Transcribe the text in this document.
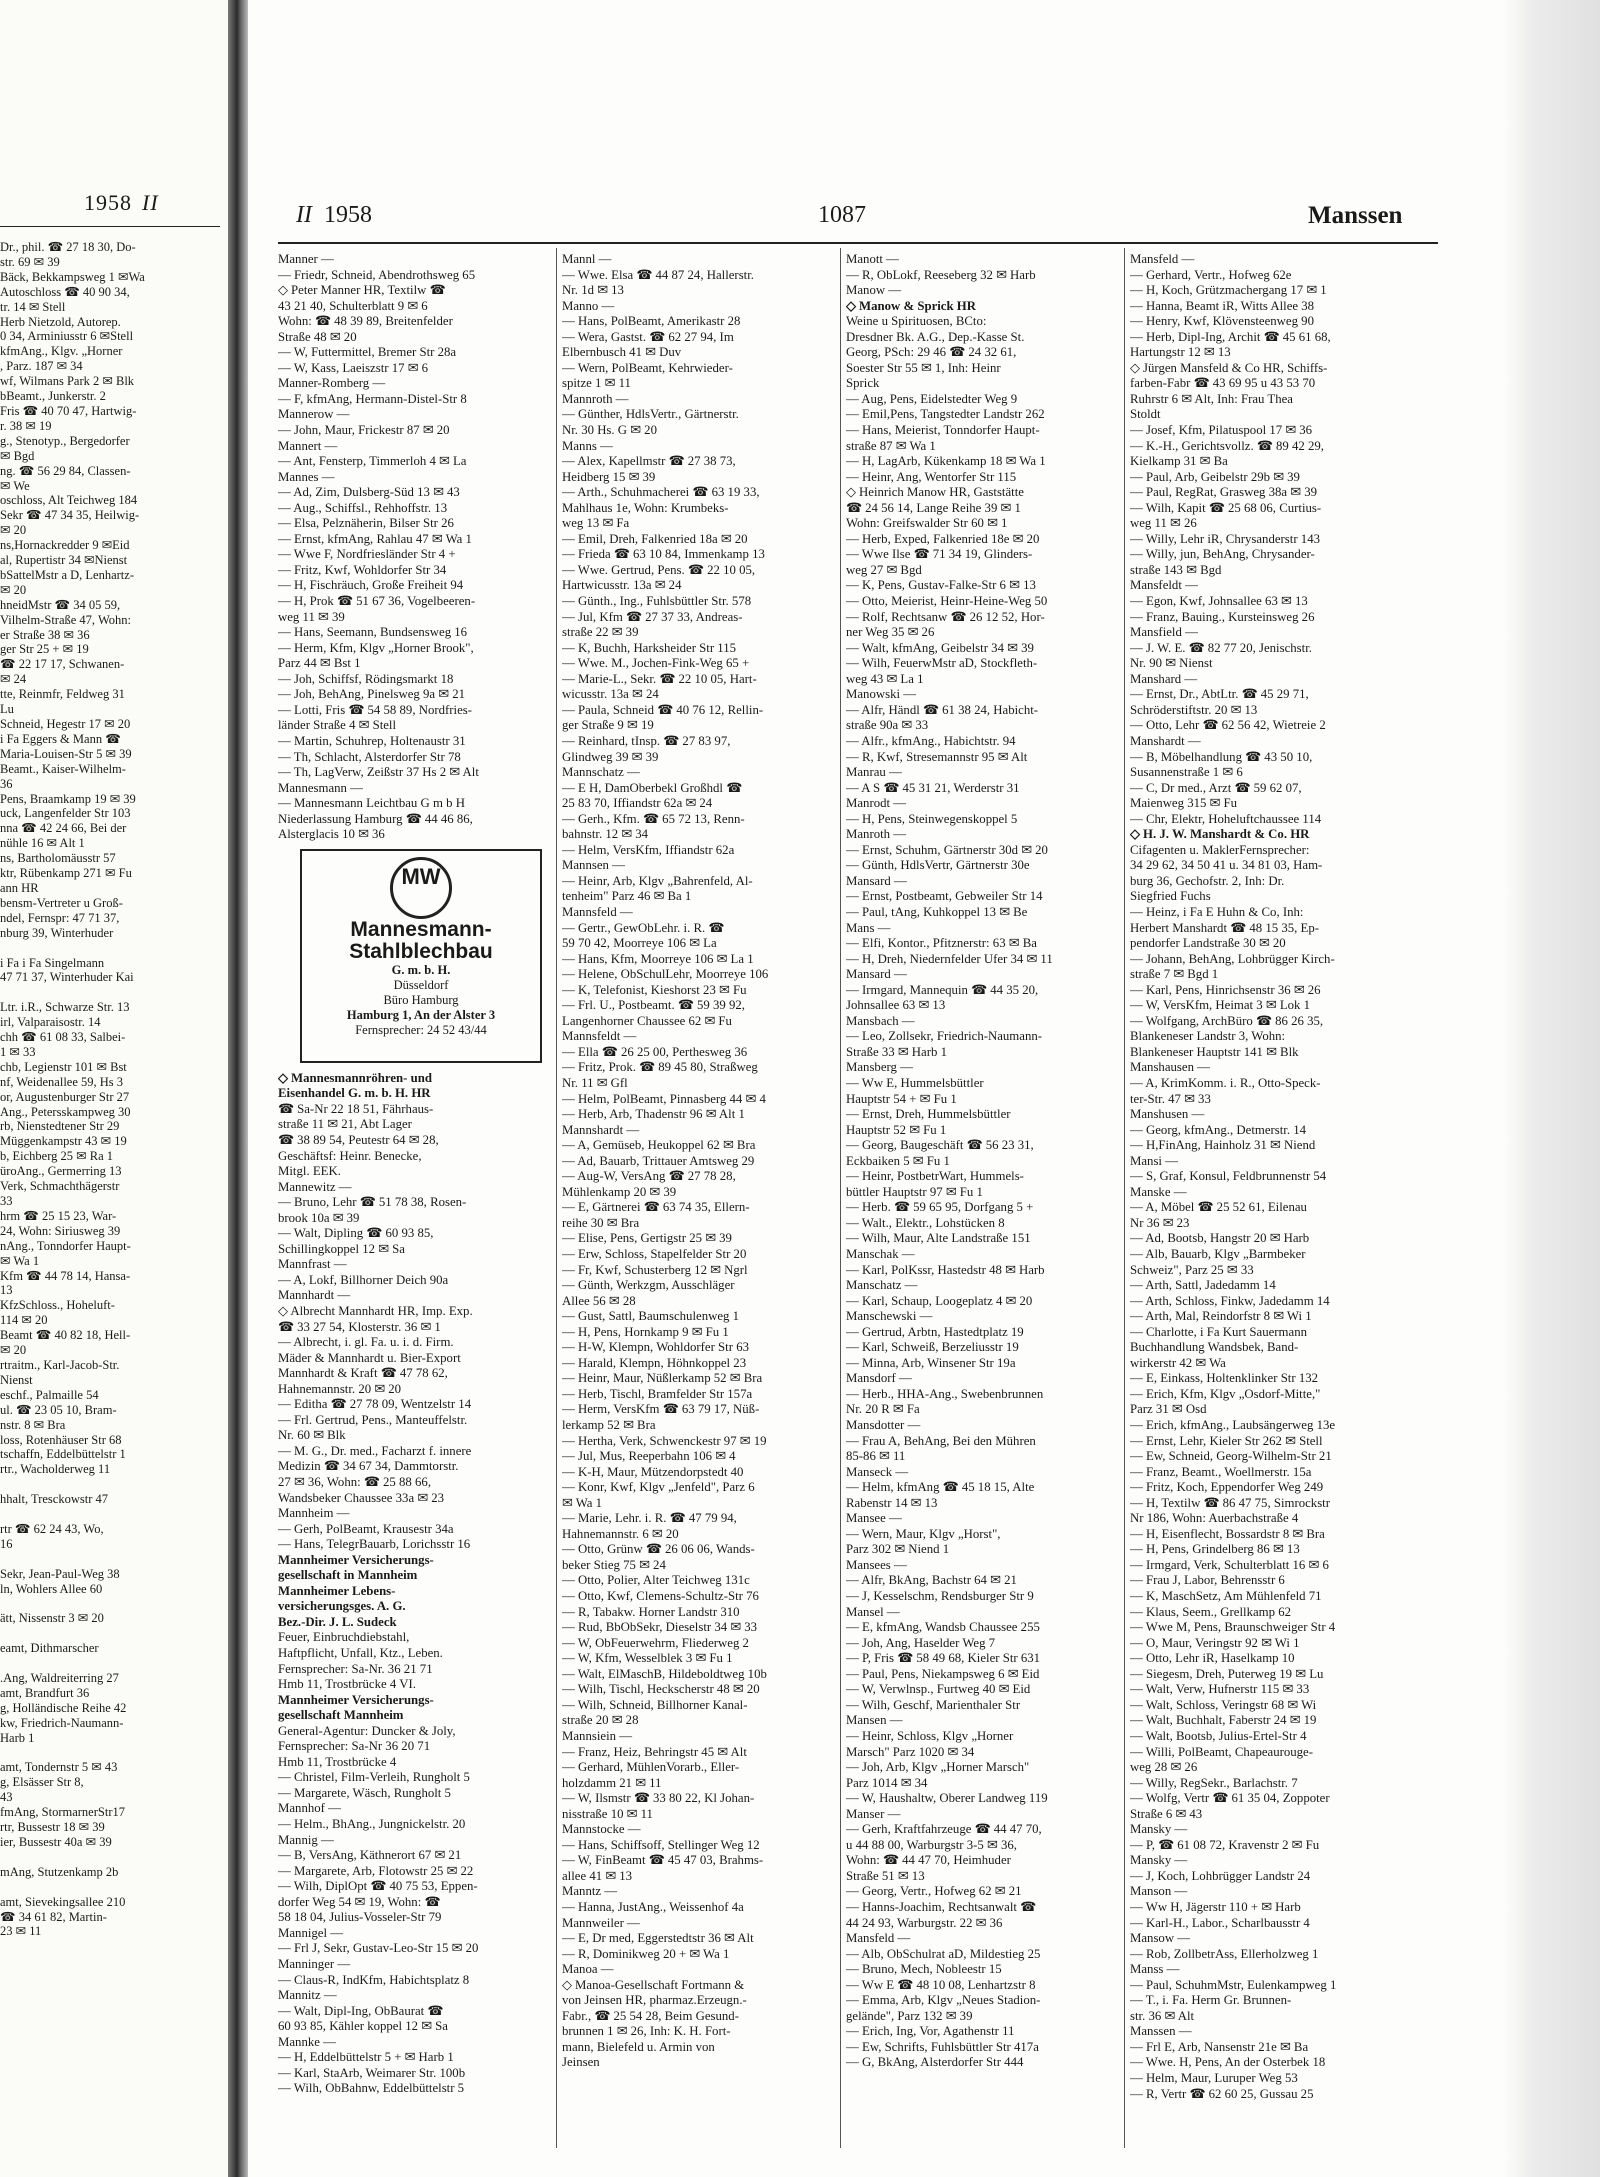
1958 II
Dr., phil. ☎ 27 18 30, Do-
str. 69 ✉ 39
Bäck, Bekkampsweg 1 ✉Wa
Autoschloss ☎ 40 90 34,
tr. 14 ✉ Stell
Herb Nietzold, Autorep.
0 34, Arminiusstr 6 ✉Stell
kfmAng., Klgv. „Horner
, Parz. 187 ✉ 34
wf, Wilmans Park 2 ✉ Blk
bBeamt., Junkerstr. 2
Fris ☎ 40 70 47, Hartwig-
r. 38 ✉ 19
g., Stenotyp., Bergedorfer
✉ Bgd
ng. ☎ 56 29 84, Classen-
✉ We
oschloss, Alt Teichweg 184
Sekr ☎ 47 34 35, Heilwig-
✉ 20
ns,Hornackredder 9 ✉Eid
al, Rupertistr 34 ✉Nienst
bSattelMstr a D, Lenhartz-
✉ 20
hneidMstr ☎ 34 05 59,
Vilhelm-Straße 47, Wohn:
er Straße 38 ✉ 36
ger Str 25 + ✉ 19
☎ 22 17 17, Schwanen-
✉ 24
tte, Reinmfr, Feldweg 31
Lu
Schneid, Hegestr 17 ✉ 20
i Fa Eggers & Mann ☎
Maria-Louisen-Str 5 ✉ 39
Beamt., Kaiser-Wilhelm-
36
Pens, Braamkamp 19 ✉ 39
uck, Langenfelder Str 103
nna ☎ 42 24 66, Bei der
nühle 16 ✉ Alt 1
ns, Bartholomäusstr 57
ktr, Rübenkamp 271 ✉ Fu
ann HR
bensm-Vertreter u Groß-
ndel, Fernspr: 47 71 37,
nburg 39, Winterhuder

i Fa i Fa Singelmann
47 71 37, Winterhuder Kai

Ltr. i.R., Schwarze Str. 13
irl, Valparaisostr. 14
chh ☎ 61 08 33, Salbei-
1 ✉ 33
chb, Legienstr 101 ✉ Bst
nf, Weidenallee 59, Hs 3
or, Augustenburger Str 27
Ang., Petersskampweg 30
rb, Nienstedtener Str 29
Müggenkampstr 43 ✉ 19
b, Eichberg 25 ✉ Ra 1
üroAng., Germerring 13
Verk, Schmachthägerstr
33
hrm ☎ 25 15 23, War-
24, Wohn: Siriusweg 39
nAng., Tonndorfer Haupt-
✉ Wa 1
Kfm ☎ 44 78 14, Hansa-
13
KfzSchloss., Hoheluft-
114 ✉ 20
Beamt ☎ 40 82 18, Hell-
✉ 20
rtraitm., Karl-Jacob-Str.
Nienst
eschf., Palmaille 54
ul. ☎ 23 05 10, Bram-
nstr. 8 ✉ Bra
loss, Rotenhäuser Str 68
tschaffn, Eddelbüttelstr 1
rtr., Wacholderweg 11

hhalt, Tresckowstr 47

rtr ☎ 62 24 43, Wo,
16

Sekr, Jean-Paul-Weg 38
ln, Wohlers Allee 60

ätt, Nissenstr 3 ✉ 20

eamt, Dithmarscher

.Ang, Waldreiterring 27
amt, Brandfurt 36
g, Holländische Reihe 42
kw, Friedrich-Naumann-
Harb 1

amt, Tondernstr 5 ✉ 43
g, Elsässer Str 8,
43
fmAng, StormarnerStr17
rtr, Bussestr 18 ✉ 39
ier, Bussestr 40a ✉ 39

mAng, Stutzenkamp 2b

amt, Sievekingsallee 210
☎ 34 61 82, Martin-
23 ✉ 11
II 1958	1087	Manssen
Manner —
— Friedr, Schneid, Abendrothsweg 65
◇ Peter Manner HR, Textilw ☎
43 21 40, Schulterblatt 9 ✉ 6
Wohn: ☎ 48 39 89, Breitenfelder
Straße 48 ✉ 20
— W, Futtermittel, Bremer Str 28a
— W, Kass, Laeiszstr 17 ✉ 6
Manner-Romberg —
— F, kfmAng, Hermann-Distel-Str 8
Mannerow —
— John, Maur, Frickestr 87 ✉ 20
Mannert —
— Ant, Fensterp, Timmerloh 4 ✉ La
Mannes —
— Ad, Zim, Dulsberg-Süd 13 ✉ 43
— Aug., Schiffsl., Rehhoffstr. 13
— Elsa, Pelznäherin, Bilser Str 26
— Ernst, kfmAng, Rahlau 47 ✉ Wa 1
— Wwe F, Nordfriesländer Str 4 +
— Fritz, Kwf, Wohldorfer Str 34
— H, Fischräuch, Große Freiheit 94
— H, Prok ☎ 51 67 36, Vogelbeeren-
weg 11 ✉ 39
— Hans, Seemann, Bundsensweg 16
— Herm, Kfm, Klgv „Horner Brook",
Parz 44 ✉ Bst 1
— Joh, Schiffsf, Rödingsmarkt 18
— Joh, BehAng, Pinelsweg 9a ✉ 21
— Lotti, Fris ☎ 54 58 89, Nordfries-
länder Straße 4 ✉ Stell
— Martin, Schuhrep, Holtenaustr 31
— Th, Schlacht, Alsterdorfer Str 78
— Th, LagVerw, Zeißstr 37 Hs 2 ✉ Alt
Mannesmann —
— Mannesmann Leichtbau G m b H
Niederlassung Hamburg ☎ 44 46 86,
Alsterglacis 10 ✉ 36
MW
Mannesmann-
Stahlblechbau
G. m. b. H.
Düsseldorf
Büro Hamburg
Hamburg 1, An der Alster 3
Fernsprecher: 24 52 43/44
◇ Mannesmannröhren- und
Eisenhandel G. m. b. H. HR
☎ Sa-Nr 22 18 51, Fährhaus-
straße 11 ✉ 21, Abt Lager
☎ 38 89 54, Peutestr 64 ✉ 28,
Geschäftsf: Heinr. Benecke,
Mitgl. EEK.
Mannewitz —
— Bruno, Lehr ☎ 51 78 38, Rosen-
brook 10a ✉ 39
— Walt, Dipling ☎ 60 93 85,
Schillingkoppel 12 ✉ Sa
Mannfrast —
— A, Lokf, Billhorner Deich 90a
Mannhardt —
◇ Albrecht Mannhardt HR, Imp. Exp.
☎ 33 27 54, Klosterstr. 36 ✉ 1
— Albrecht, i. gl. Fa. u. i. d. Firm.
Mäder & Mannhardt u. Bier-Export
Mannhardt & Kraft ☎ 47 78 62,
Hahnemannstr. 20 ✉ 20
— Editha ☎ 27 78 09, Wentzelstr 14
— Frl. Gertrud, Pens., Manteuffelstr.
Nr. 60 ✉ Blk
— M. G., Dr. med., Facharzt f. innere
Medizin ☎ 34 67 34, Dammtorstr.
27 ✉ 36, Wohn: ☎ 25 88 66,
Wandsbeker Chaussee 33a ✉ 23
Mannheim —
— Gerh, PolBeamt, Krausestr 34a
— Hans, TelegrBauarb, Lorichsstr 16
Mannheimer Versicherungs-
gesellschaft in Mannheim
Mannheimer Lebens-
versicherungsges. A. G.
Bez.-Dir. J. L. Sudeck
Feuer, Einbruchdiebstahl,
Haftpflicht, Unfall, Ktz., Leben.
Fernsprecher: Sa-Nr. 36 21 71
Hmb 11, Trostbrücke 4 VI.
Mannheimer Versicherungs-
gesellschaft Mannheim
General-Agentur: Duncker & Joly,
Fernsprecher: Sa-Nr 36 20 71
Hmb 11, Trostbrücke 4
— Christel, Film-Verleih, Rungholt 5
— Margarete, Wäsch, Rungholt 5
Mannhof —
— Helm., BhAng., Jungnickelstr. 20
Mannig —
— B, VersAng, Käthnerort 67 ✉ 21
— Margarete, Arb, Flotowstr 25 ✉ 22
— Wilh, DiplOpt ☎ 40 75 53, Eppen-
dorfer Weg 54 ✉ 19, Wohn: ☎
58 18 04, Julius-Vosseler-Str 79
Mannigel —
— Frl J, Sekr, Gustav-Leo-Str 15 ✉ 20
Manninger —
— Claus-R, IndKfm, Habichtsplatz 8
Mannitz —
— Walt, Dipl-Ing, ObBaurat ☎
60 93 85, Kähler koppel 12 ✉ Sa
Mannke —
— H, Eddelbüttelstr 5 + ✉ Harb 1
— Karl, StaArb, Weimarer Str. 100b
— Wilh, ObBahnw, Eddelbüttelstr 5
Mannl —
— Wwe. Elsa ☎ 44 87 24, Hallerstr.
Nr. 1d ✉ 13
Manno —
— Hans, PolBeamt, Amerikastr 28
— Wera, Gastst. ☎ 62 27 94, Im
Elbernbusch 41 ✉ Duv
— Wern, PolBeamt, Kehrwieder-
spitze 1 ✉ 11
Mannroth —
— Günther, HdlsVertr., Gärtnerstr.
Nr. 30 Hs. G ✉ 20
Manns —
— Alex, Kapellmstr ☎ 27 38 73,
Heidberg 15 ✉ 39
— Arth., Schuhmacherei ☎ 63 19 33,
Mahlhaus 1e, Wohn: Krumbeks-
weg 13 ✉ Fa
— Emil, Dreh, Falkenried 18a ✉ 20
— Frieda ☎ 63 10 84, Immenkamp 13
— Wwe. Gertrud, Pens. ☎ 22 10 05,
Hartwicusstr. 13a ✉ 24
— Günth., Ing., Fuhlsbüttler Str. 578
— Jul, Kfm ☎ 27 37 33, Andreas-
straße 22 ✉ 39
— K, Buchh, Harksheider Str 115
— Wwe. M., Jochen-Fink-Weg 65 +
— Marie-L., Sekr. ☎ 22 10 05, Hart-
wicusstr. 13a ✉ 24
— Paula, Schneid ☎ 40 76 12, Rellin-
ger Straße 9 ✉ 19
— Reinhard, tInsp. ☎ 27 83 97,
Glindweg 39 ✉ 39
Mannschatz —
— E H, DamOberbekl Großhdl ☎
25 83 70, Iffiandstr 62a ✉ 24
— Gerh., Kfm. ☎ 65 72 13, Renn-
bahnstr. 12 ✉ 34
— Helm, VersKfm, Iffiandstr 62a
Mannsen —
— Heinr, Arb, Klgv „Bahrenfeld, Al-
tenheim" Parz 46 ✉ Ba 1
Mannsfeld —
— Gertr., GewObLehr. i. R. ☎
59 70 42, Moorreye 106 ✉ La
— Hans, Kfm, Moorreye 106 ✉ La 1
— Helene, ObSchulLehr, Moorreye 106
— K, Telefonist, Kieshorst 23 ✉ Fu
— Frl. U., Postbeamt. ☎ 59 39 92,
Langenhorner Chaussee 62 ✉ Fu
Mannsfeldt —
— Ella ☎ 26 25 00, Perthesweg 36
— Fritz, Prok. ☎ 89 45 80, Straßweg
Nr. 11 ✉ Gfl
— Helm, PolBeamt, Pinnasberg 44 ✉ 4
— Herb, Arb, Thadenstr 96 ✉ Alt 1
Mannshardt —
— A, Gemüseb, Heukoppel 62 ✉ Bra
— Ad, Bauarb, Trittauer Amtsweg 29
— Aug-W, VersAng ☎ 27 78 28,
Mühlenkamp 20 ✉ 39
— E, Gärtnerei ☎ 63 74 35, Ellern-
reihe 30 ✉ Bra
— Elise, Pens, Gertigstr 25 ✉ 39
— Erw, Schloss, Stapelfelder Str 20
— Fr, Kwf, Schusterberg 12 ✉ Ngrl
— Günth, Werkzgm, Ausschläger
Allee 56 ✉ 28
— Gust, Sattl, Baumschulenweg 1
— H, Pens, Hornkamp 9 ✉ Fu 1
— H-W, Klempn, Wohldorfer Str 63
— Harald, Klempn, Höhnkoppel 23
— Heinr, Maur, Nüßlerkamp 52 ✉ Bra
— Herb, Tischl, Bramfelder Str 157a
— Herm, VersKfm ☎ 63 79 17, Nüß-
lerkamp 52 ✉ Bra
— Hertha, Verk, Schwenckestr 97 ✉ 19
— Jul, Mus, Reeperbahn 106 ✉ 4
— K-H, Maur, Mützendorpstedt 40
— Konr, Kwf, Klgv „Jenfeld", Parz 6
✉ Wa 1
— Marie, Lehr. i. R. ☎ 47 79 94,
Hahnemannstr. 6 ✉ 20
— Otto, Grünw ☎ 26 06 06, Wands-
beker Stieg 75 ✉ 24
— Otto, Polier, Alter Teichweg 131c
— Otto, Kwf, Clemens-Schultz-Str 76
— R, Tabakw. Horner Landstr 310
— Rud, BbObSekr, Dieselstr 34 ✉ 33
— W, ObFeuerwehrm, Fliederweg 2
— W, Kfm, Wesselblek 3 ✉ Fu 1
— Walt, ElMaschB, Hildeboldtweg 10b
— Wilh, Tischl, Heckscherstr 48 ✉ 20
— Wilh, Schneid, Billhorner Kanal-
straße 20 ✉ 28
Mannsiein —
— Franz, Heiz, Behringstr 45 ✉ Alt
— Gerhard, MühlenVorarb., Eller-
holzdamm 21 ✉ 11
— W, Ilsmstr ☎ 33 80 22, Kl Johan-
nisstraße 10 ✉ 11
Mannstocke —
— Hans, Schiffsoff, Stellinger Weg 12
— W, FinBeamt ☎ 45 47 03, Brahms-
allee 41 ✉ 13
Manntz —
— Hanna, JustAng., Weissenhof 4a
Mannweiler —
— E, Dr med, Eggerstedtstr 36 ✉ Alt
— R, Dominikweg 20 + ✉ Wa 1
Manoa —
◇ Manoa-Gesellschaft Fortmann &
von Jeinsen HR, pharmaz.Erzeugn.-
Fabr., ☎ 25 54 28, Beim Gesund-
brunnen 1 ✉ 26, Inh: K. H. Fort-
mann, Bielefeld u. Armin von
Jeinsen
Manott —
— R, ObLokf, Reeseberg 32 ✉ Harb
Manow —
◇ Manow & Sprick HR
Weine u Spirituosen, BCto:
Dresdner Bk. A.G., Dep.-Kasse St.
Georg, PSch: 29 46 ☎ 24 32 61,
Soester Str 55 ✉ 1, Inh: Heinr
Sprick
— Aug, Pens, Eidelstedter Weg 9
— Emil,Pens, Tangstedter Landstr 262
— Hans, Meierist, Tonndorfer Haupt-
straße 87 ✉ Wa 1
— H, LagArb, Kükenkamp 18 ✉ Wa 1
— Heinr, Ang, Wentorfer Str 115
◇ Heinrich Manow HR, Gaststätte
☎ 24 56 14, Lange Reihe 39 ✉ 1
Wohn: Greifswalder Str 60 ✉ 1
— Herb, Exped, Falkenried 18e ✉ 20
— Wwe Ilse ☎ 71 34 19, Glinders-
weg 27 ✉ Bgd
— K, Pens, Gustav-Falke-Str 6 ✉ 13
— Otto, Meierist, Heinr-Heine-Weg 50
— Rolf, Rechtsanw ☎ 26 12 52, Hor-
ner Weg 35 ✉ 26
— Walt, kfmAng, Geibelstr 34 ✉ 39
— Wilh, FeuerwMstr aD, Stockfleth-
weg 43 ✉ La 1
Manowski —
— Alfr, Händl ☎ 61 38 24, Habicht-
straße 90a ✉ 33
— Alfr., kfmAng., Habichtstr. 94
— R, Kwf, Stresemannstr 95 ✉ Alt
Manrau —
— A S ☎ 45 31 21, Werderstr 31
Manrodt —
— H, Pens, Steinwegenskoppel 5
Manroth —
— Ernst, Schuhm, Gärtnerstr 30d ✉ 20
— Günth, HdlsVertr, Gärtnerstr 30e
Mansard —
— Ernst, Postbeamt, Gebweiler Str 14
— Paul, tAng, Kuhkoppel 13 ✉ Be
Mans —
— Elfi, Kontor., Pfitznerstr: 63 ✉ Ba
— H, Dreh, Niedernfelder Ufer 34 ✉ 11
Mansard —
— Irmgard, Mannequin ☎ 44 35 20,
Johnsallee 63 ✉ 13
Mansbach —
— Leo, Zollsekr, Friedrich-Naumann-
Straße 33 ✉ Harb 1
Mansberg —
— Ww E, Hummelsbüttler
Hauptstr 54 + ✉ Fu 1
— Ernst, Dreh, Hummelsbüttler
Hauptstr 52 ✉ Fu 1
— Georg, Baugeschäft ☎ 56 23 31,
Eckbaiken 5 ✉ Fu 1
— Heinr, PostbetrWart, Hummels-
büttler Hauptstr 97 ✉ Fu 1
— Herb. ☎ 59 65 95, Dorfgang 5 +
— Walt., Elektr., Lohstücken 8
— Wilh, Maur, Alte Landstraße 151
Manschak —
— Karl, PolKssr, Hastedstr 48 ✉ Harb
Manschatz —
— Karl, Schaup, Loogeplatz 4 ✉ 20
Manschewski —
— Gertrud, Arbtn, Hastedtplatz 19
— Karl, Schweiß, Berzeliusstr 19
— Minna, Arb, Winsener Str 19a
Mansdorf —
— Herb., HHA-Ang., Swebenbrunnen
Nr. 20 R ✉ Fa
Mansdotter —
— Frau A, BehAng, Bei den Mühren
85-86 ✉ 11
Manseck —
— Helm, kfmAng ☎ 45 18 15, Alte
Rabenstr 14 ✉ 13
Mansee —
— Wern, Maur, Klgv „Horst",
Parz 302 ✉ Niend 1
Mansees —
— Alfr, BkAng, Bachstr 64 ✉ 21
— J, Kesselschm, Rendsburger Str 9
Mansel —
— E, kfmAng, Wandsb Chaussee 255
— Joh, Ang, Haselder Weg 7
— P, Fris ☎ 58 49 68, Kieler Str 631
— Paul, Pens, Niekampsweg 6 ✉ Eid
— W, Verwlnsp., Furtweg 40 ✉ Eid
— Wilh, Geschf, Marienthaler Str
Mansen —
— Heinr, Schloss, Klgv „Horner
Marsch" Parz 1020 ✉ 34
— Joh, Arb, Klgv „Horner Marsch"
Parz 1014 ✉ 34
— W, Haushaltw, Oberer Landweg 119
Manser —
— Gerh, Kraftfahrzeuge ☎ 44 47 70,
u 44 88 00, Warburgstr 3-5 ✉ 36,
Wohn: ☎ 44 47 70, Heimhuder
Straße 51 ✉ 13
— Georg, Vertr., Hofweg 62 ✉ 21
— Hanns-Joachim, Rechtsanwalt ☎
44 24 93, Warburgstr. 22 ✉ 36
Mansfeld —
— Alb, ObSchulrat aD, Mildestieg 25
— Bruno, Mech, Nobleestr 15
— Ww E ☎ 48 10 08, Lenhartzstr 8
— Emma, Arb, Klgv „Neues Stadion-
gelände", Parz 132 ✉ 39
— Erich, Ing, Vor, Agathenstr 11
— Ew, Schrifts, Fuhlsbüttler Str 417a
— G, BkAng, Alsterdorfer Str 444
Mansfeld —
— Gerhard, Vertr., Hofweg 62e
— H, Koch, Grützmachergang 17 ✉ 1
— Hanna, Beamt iR, Witts Allee 38
— Henry, Kwf, Klövensteenweg 90
— Herb, Dipl-Ing, Archit ☎ 45 61 68,
Hartungstr 12 ✉ 13
◇ Jürgen Mansfeld & Co HR, Schiffs-
farben-Fabr ☎ 43 69 95 u 43 53 70
Ruhrstr 6 ✉ Alt, Inh: Frau Thea
Stoldt
— Josef, Kfm, Pilatuspool 17 ✉ 36
— K.-H., Gerichtsvollz. ☎ 89 42 29,
Kielkamp 31 ✉ Ba
— Paul, Arb, Geibelstr 29b ✉ 39
— Paul, RegRat, Grasweg 38a ✉ 39
— Wilh, Kapit ☎ 25 68 06, Curtius-
weg 11 ✉ 26
— Willy, Lehr iR, Chrysanderstr 143
— Willy, jun, BehAng, Chrysander-
straße 143 ✉ Bgd
Mansfeldt —
— Egon, Kwf, Johnsallee 63 ✉ 13
— Franz, Bauing., Kursteinsweg 26
Mansfield —
— J. W. E. ☎ 82 77 20, Jenischstr.
Nr. 90 ✉ Nienst
Manshard —
— Ernst, Dr., AbtLtr. ☎ 45 29 71,
Schröderstiftstr. 20 ✉ 13
— Otto, Lehr ☎ 62 56 42, Wietreie 2
Manshardt —
— B, Möbelhandlung ☎ 43 50 10,
Susannenstraße 1 ✉ 6
— C, Dr med., Arzt ☎ 59 62 07,
Maienweg 315 ✉ Fu
— Chr, Elektr, Hoheluftchaussee 114
◇ H. J. W. Manshardt & Co. HR
Cifagenten u. MaklerFernsprecher:
34 29 62, 34 50 41 u. 34 81 03, Ham-
burg 36, Gechofstr. 2, Inh: Dr.
Siegfried Fuchs
— Heinz, i Fa E Huhn & Co, Inh:
Herbert Manshardt ☎ 48 15 35, Ep-
pendorfer Landstraße 30 ✉ 20
— Johann, BehAng, Lohbrügger Kirch-
straße 7 ✉ Bgd 1
— Karl, Pens, Hinrichsenstr 36 ✉ 26
— W, VersKfm, Heimat 3 ✉ Lok 1
— Wolfgang, ArchBüro ☎ 86 26 35,
Blankeneser Landstr 3, Wohn:
Blankeneser Hauptstr 141 ✉ Blk
Manshausen —
— A, KrimKomm. i. R., Otto-Speck-
ter-Str. 47 ✉ 33
Manshusen —
— Georg, kfmAng., Detmerstr. 14
— H,FinAng, Hainholz 31 ✉ Niend
Mansi —
— S, Graf, Konsul, Feldbrunnenstr 54
Manske —
— A, Möbel ☎ 25 52 61, Eilenau
Nr 36 ✉ 23
— Ad, Bootsb, Hangstr 20 ✉ Harb
— Alb, Bauarb, Klgv „Barmbeker
Schweiz", Parz 25 ✉ 33
— Arth, Sattl, Jadedamm 14
— Arth, Schloss, Finkw, Jadedamm 14
— Arth, Mal, Reindorfstr 8 ✉ Wi 1
— Charlotte, i Fa Kurt Sauermann
Buchhandlung Wandsbek, Band-
wirkerstr 42 ✉ Wa
— E, Einkass, Holtenklinker Str 132
— Erich, Kfm, Klgv „Osdorf-Mitte,"
Parz 31 ✉ Osd
— Erich, kfmAng., Laubsängerweg 13e
— Ernst, Lehr, Kieler Str 262 ✉ Stell
— Ew, Schneid, Georg-Wilhelm-Str 21
— Franz, Beamt., Woellmerstr. 15a
— Fritz, Koch, Eppendorfer Weg 249
— H, Textilw ☎ 86 47 75, Simrockstr
Nr 186, Wohn: Auerbachstraße 4
— H, Eisenflecht, Bossardstr 8 ✉ Bra
— H, Pens, Grindelberg 86 ✉ 13
— Irmgard, Verk, Schulterblatt 16 ✉ 6
— Frau J, Labor, Behrensstr 6
— K, MaschSetz, Am Mühlenfeld 71
— Klaus, Seem., Grellkamp 62
— Wwe M, Pens, Braunschweiger Str 4
— O, Maur, Veringstr 92 ✉ Wi 1
— Otto, Lehr iR, Haselkamp 10
— Siegesm, Dreh, Puterweg 19 ✉ Lu
— Walt, Verw, Hufnerstr 115 ✉ 33
— Walt, Schloss, Veringstr 68 ✉ Wi
— Walt, Buchhalt, Faberstr 24 ✉ 19
— Walt, Bootsb, Julius-Ertel-Str 4
— Willi, PolBeamt, Chapeaurouge-
weg 28 ✉ 26
— Willy, RegSekr., Barlachstr. 7
— Wolfg, Vertr ☎ 61 35 04, Zoppoter
Straße 6 ✉ 43
Mansky —
— P, ☎ 61 08 72, Kravenstr 2 ✉ Fu
Mansky —
— J, Koch, Lohbrügger Landstr 24
Manson —
— Ww H, Jägerstr 110 + ✉ Harb
— Karl-H., Labor., Scharlbausstr 4
Mansow —
— Rob, ZollbetrAss, Ellerholzweg 1
Manss —
— Paul, SchuhmMstr, Eulenkampweg 1
— T., i. Fa. Herm Gr. Brunnen-
str. 36 ✉ Alt
Manssen —
— Frl E, Arb, Nansenstr 21e ✉ Ba
— Wwe. H, Pens, An der Osterbek 18
— Helm, Maur, Luruper Weg 53
— R, Vertr ☎ 62 60 25, Gussau 25
